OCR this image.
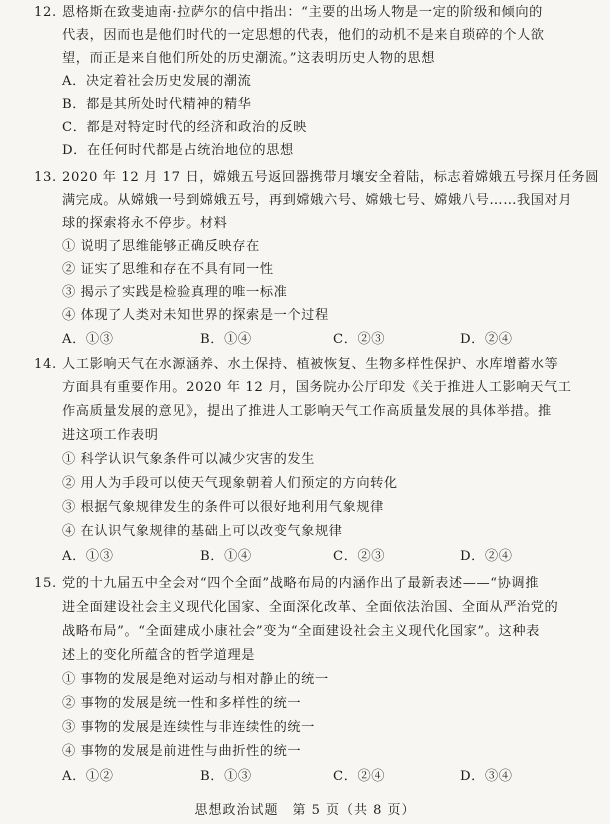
12. 恩格斯在致斐迪南·拉萨尔的信中指出：“主要的出场人物是一定的阶级和倾向的
代表，因而也是他们时代的一定思想的代表，他们的动机不是来自琐碎的个人欲
望，而正是来自他们所处的历史潮流。”这表明历史人物的思想
A．决定着社会历史发展的潮流
B．都是其所处时代精神的精华
C．都是对特定时代的经济和政治的反映
D．在任何时代都是占统治地位的思想
13. 2020 年 12 月 17 日，嫦娥五号返回器携带月壤安全着陆，标志着嫦娥五号探月任务圆
满完成。从嫦娥一号到嫦娥五号，再到嫦娥六号、嫦娥七号、嫦娥八号……我国对月
球的探索将永不停步。材料
① 说明了思维能够正确反映存在
② 证实了思维和存在不具有同一性
③ 揭示了实践是检验真理的唯一标准
④ 体现了人类对未知世界的探索是一个过程
A．①③	B．①④	C．②③	D．②④
14. 人工影响天气在水源涵养、水土保持、植被恢复、生物多样性保护、水库增蓄水等
方面具有重要作用。2020 年 12 月，国务院办公厅印发《关于推进人工影响天气工
作高质量发展的意见》，提出了推进人工影响天气工作高质量发展的具体举措。推
进这项工作表明
① 科学认识气象条件可以减少灾害的发生
② 用人为手段可以使天气现象朝着人们预定的方向转化
③ 根据气象规律发生的条件可以很好地利用气象规律
④ 在认识气象规律的基础上可以改变气象规律
A．①③	B．①④	C．②③	D．②④
15. 党的十九届五中全会对“四个全面”战略布局的内涵作出了最新表述——“协调推
进全面建设社会主义现代化国家、全面深化改革、全面依法治国、全面从严治党的
战略布局”。“全面建成小康社会”变为“全面建设社会主义现代化国家”。这种表
述上的变化所蕴含的哲学道理是
① 事物的发展是绝对运动与相对静止的统一
② 事物的发展是统一性和多样性的统一
③ 事物的发展是连续性与非连续性的统一
④ 事物的发展是前进性与曲折性的统一
A．①②	B．①③	C．②④	D．③④
思想政治试题　第 5 页（共 8 页）
